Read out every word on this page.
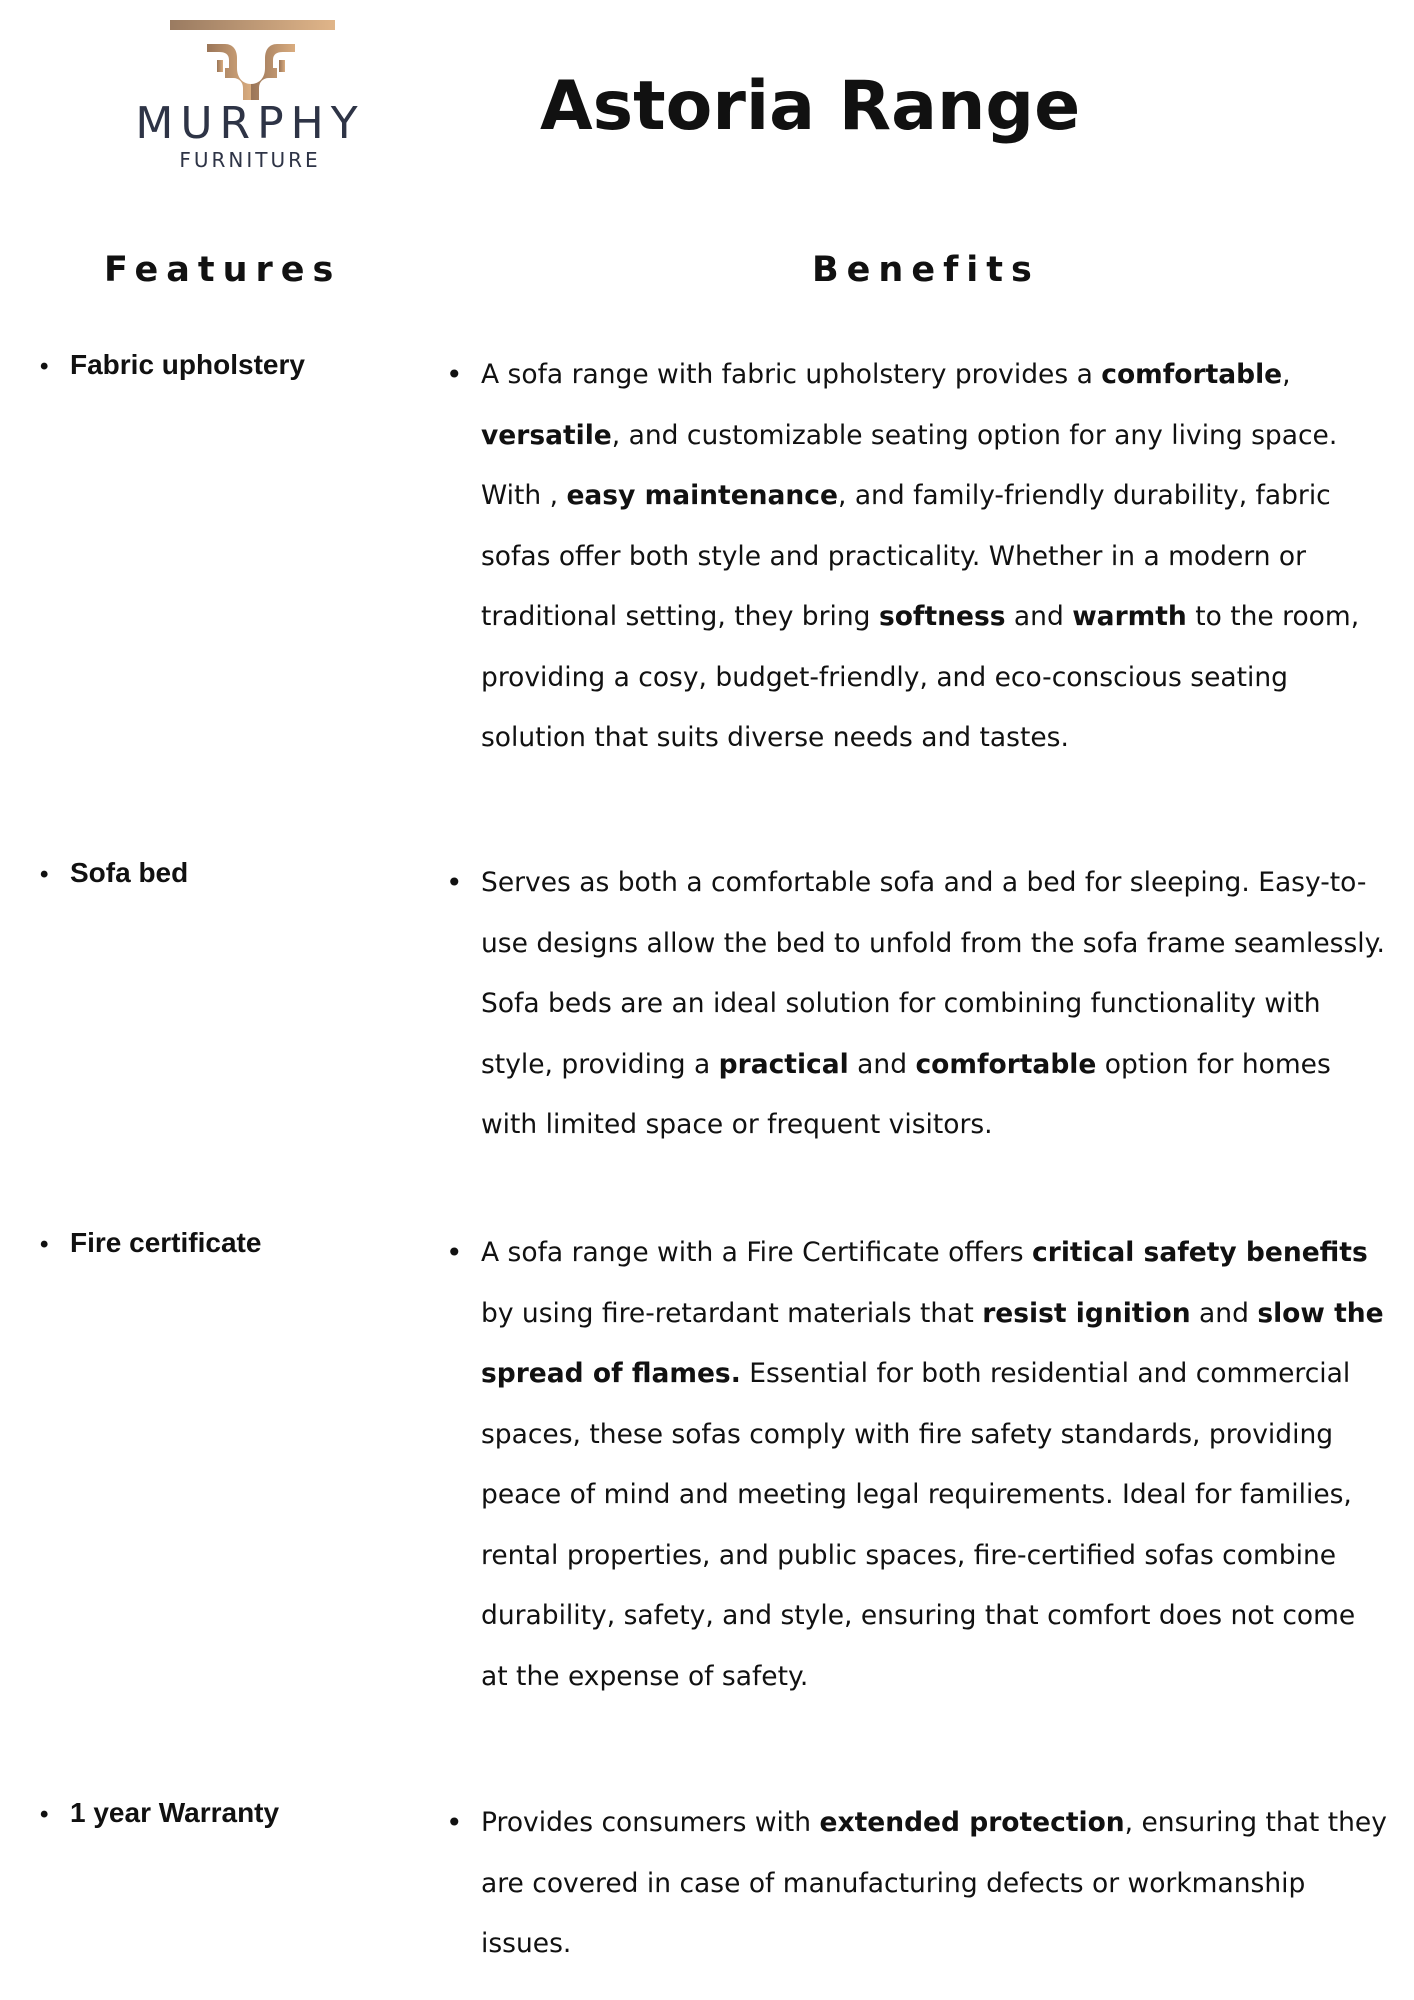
MURPHY
FURNITURE
Astoria Range
Features	Benefits
• Fabric upholstery	• A sofa range with fabric upholstery provides a comfortable, versatile, and customizable seating option for any living space. With , easy maintenance, and family-friendly durability, fabric sofas offer both style and practicality. Whether in a modern or traditional setting, they bring softness and warmth to the room, providing a cosy, budget-friendly, and eco-conscious seating solution that suits diverse needs and tastes.
• Sofa bed	• Serves as both a comfortable sofa and a bed for sleeping. Easy-to-use designs allow the bed to unfold from the sofa frame seamlessly. Sofa beds are an ideal solution for combining functionality with style, providing a practical and comfortable option for homes with limited space or frequent visitors.
• Fire certificate	• A sofa range with a Fire Certificate offers critical safety benefits by using fire-retardant materials that resist ignition and slow the spread of flames. Essential for both residential and commercial spaces, these sofas comply with fire safety standards, providing peace of mind and meeting legal requirements. Ideal for families, rental properties, and public spaces, fire-certified sofas combine durability, safety, and style, ensuring that comfort does not come at the expense of safety.
• 1 year Warranty	• Provides consumers with extended protection, ensuring that they are covered in case of manufacturing defects or workmanship issues.
